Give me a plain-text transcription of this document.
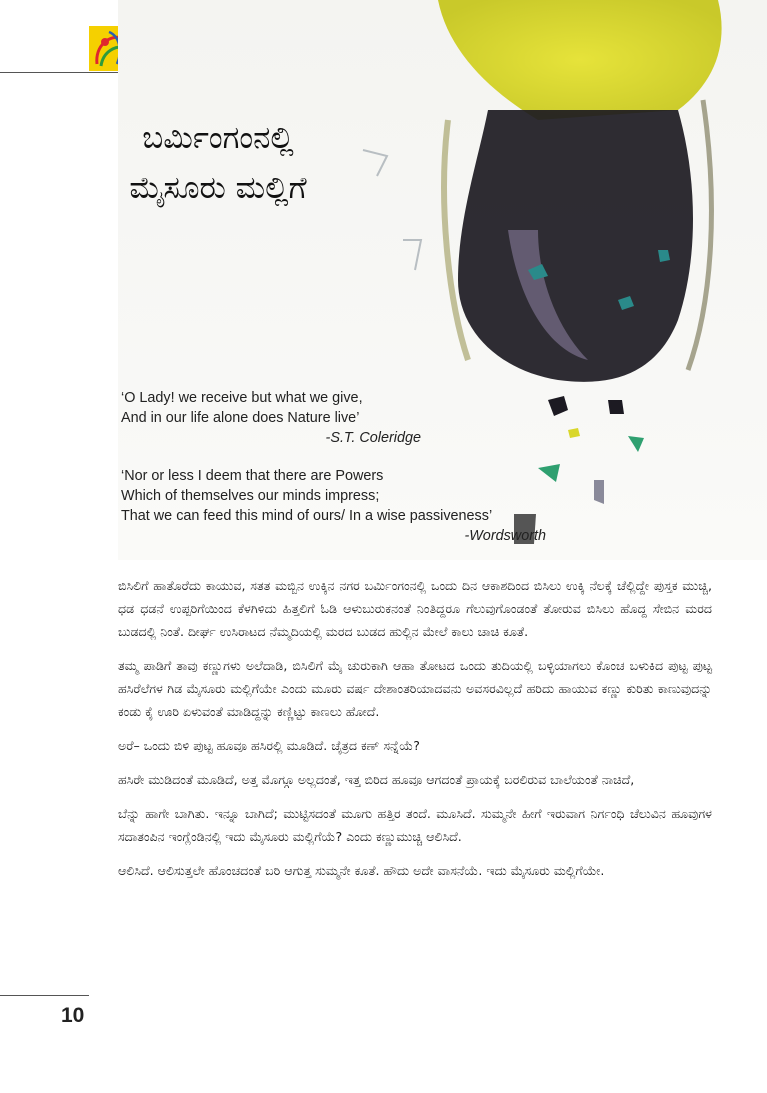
ಬರ್ಮಿಂಗಂನಲ್ಲಿ
ಮೈಸೂರು ಮಲ್ಲಿಗೆ
‘O Lady! we receive but what we give,
And in our life alone does Nature live’
-S.T. Coleridge
‘Nor or less I deem that there are Powers
Which of themselves our minds impress;
That we can feed this mind of ours/ In a wise passiveness’
-Wordsworth

ಬಿಸಿಲಿಗೆ ಹಾತೊರೆದು ಕಾಯುವ, ಸತತ ಮಬ್ಬಿನ ಉಕ್ಕಿನ ನಗರ ಬರ್ಮಿಂಗಂನಲ್ಲಿ ಒಂದು ದಿನ ಆಕಾಶದಿಂದ ಬಿಸಿಲು ಉಕ್ಕಿ ನೆಲಕ್ಕೆ ಚೆಲ್ಲಿದ್ದೇ ಪುಸ್ತಕ ಮುಚ್ಚಿ, ಧಡ ಧಡನೆ ಉಪ್ಪರಿಗೆಯಿಂದ ಕೆಳಗಿಳಿದು ಹಿತ್ತಲಿಗೆ ಓಡಿ ಆಳುಬುರುಕನಂತೆ ನಿಂತಿದ್ದರೂ ಗೆಲುವುಗೊಂಡಂತೆ ತೋರುವ ಬಿಸಿಲು ಹೊದ್ದ ಸೇಬಿನ ಮರದ ಬುಡದಲ್ಲಿ ನಿಂತೆ. ದೀರ್ಘ ಉಸಿರಾಟದ ನೆಮ್ಮದಿಯಲ್ಲಿ ಮರದ ಬುಡದ ಹುಲ್ಲಿನ ಮೇಲೆ ಕಾಲು ಚಾಚಿ ಕೂತೆ.

ತಮ್ಮ ಪಾಡಿಗೆ ತಾವು ಕಣ್ಣುಗಳು ಅಲೆದಾಡಿ, ಬಿಸಿಲಿಗೆ ಮೈ ಚುರುಕಾಗಿ ಆಹಾ ತೋಟದ ಒಂದು ತುದಿಯಲ್ಲಿ ಬಳ್ಳಿಯಾಗಲು ಕೊಂಚ ಬಳುಕಿದ ಪುಟ್ಟ ಪುಟ್ಟ ಹಸಿರೆಲೆಗಳ ಗಿಡ ಮೈಸೂರು ಮಲ್ಲಿಗೆಯೇ ಎಂದು ಮೂರು ವರ್ಷ ದೇಶಾಂತರಿಯಾದವನು ಅವಸರವಿಲ್ಲದೆ ಹರಿದು ಹಾಯುವ ಕಣ್ಣು ಕುರಿತು ಕಾಣುವುದನ್ನು ಕಂಡು ಕೈ ಊರಿ ಏಳುವಂತೆ ಮಾಡಿದ್ದನ್ನು ಕಣ್ಣಿಟ್ಟು ಕಾಣಲು ಹೋದೆ.

ಅರೆ– ಒಂದು ಬಿಳಿ ಪುಟ್ಟ ಹೂವೂ ಹಸಿರಲ್ಲಿ ಮೂಡಿದೆ. ಚೈತ್ರದ ಕಣ್ ಸನ್ನೆಯೆ?

ಹಸಿರೇ ಮುಡಿದಂತೆ ಮೂಡಿದೆ, ಅತ್ತ ಮೊಗ್ಗೂ ಅಲ್ಲದಂತೆ, ಇತ್ತ ಬಿರಿದ ಹೂವೂ ಆಗದಂತೆ ಪ್ರಾಯಕ್ಕೆ ಬರಲಿರುವ ಬಾಲೆಯಂತೆ ನಾಚಿದೆ,

ಬೆನ್ನು ಹಾಗೇ ಬಾಗಿತು. ಇನ್ನೂ ಬಾಗಿದೆ; ಮುಟ್ಟಿಸದಂತೆ ಮೂಗು ಹತ್ತಿರ ತಂದೆ. ಮೂಸಿದೆ. ಸುಮ್ಮನೇ ಹೀಗೆ ಇರುವಾಗ ನಿರ್ಗಂಧಿ ಚೆಲುವಿನ ಹೂವುಗಳ ಸದಾತಂಪಿನ ಇಂಗ್ಲೆಂಡಿನಲ್ಲಿ ಇದು ಮೈಸೂರು ಮಲ್ಲಿಗೆಯೆ? ಎಂದು ಕಣ್ಣುಮುಚ್ಚಿ ಆಲಿಸಿದೆ.

ಆಲಿಸಿದೆ. ಆಲಿಸುತ್ತಲೇ ಹೊಂಚದಂತೆ ಬರಿ ಆಗುತ್ತ ಸುಮ್ಮನೇ ಕೂತೆ. ಹೌದು ಅದೇ ವಾಸನೆಯೆ. ಇದು ಮೈಸೂರು ಮಲ್ಲಿಗೆಯೇ.

10
